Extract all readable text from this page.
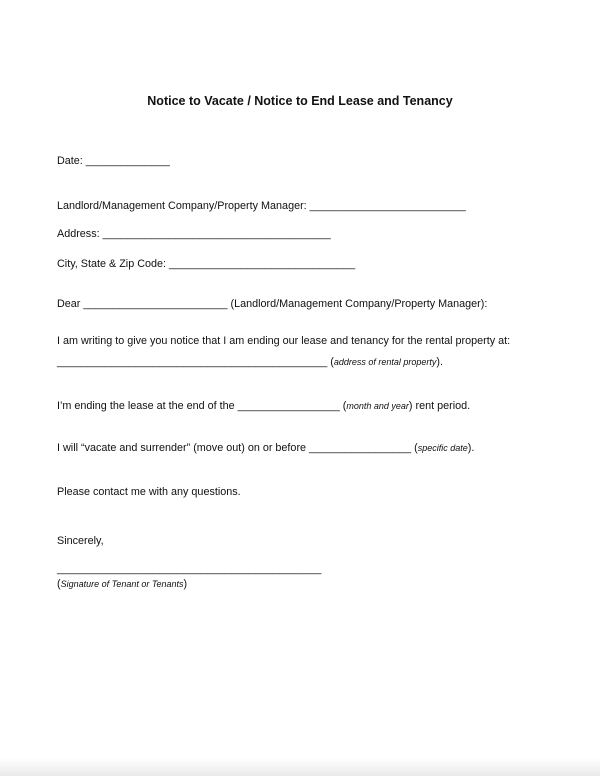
Notice to Vacate / Notice to End Lease and Tenancy
Date: ______________
Landlord/Management Company/Property Manager: __________________________
Address: ______________________________________
City, State & Zip Code: _______________________________
Dear ________________________ (Landlord/Management Company/Property Manager):
I am writing to give you notice that I am ending our lease and tenancy for the rental property at:
_____________________________________________ (address of rental property).
I’m ending the lease at the end of the _________________ (month and year) rent period.
I will “vacate and surrender” (move out) on or before _________________ (specific date).
Please contact me with any questions.
Sincerely,
____________________________________________
(Signature of Tenant or Tenants)
